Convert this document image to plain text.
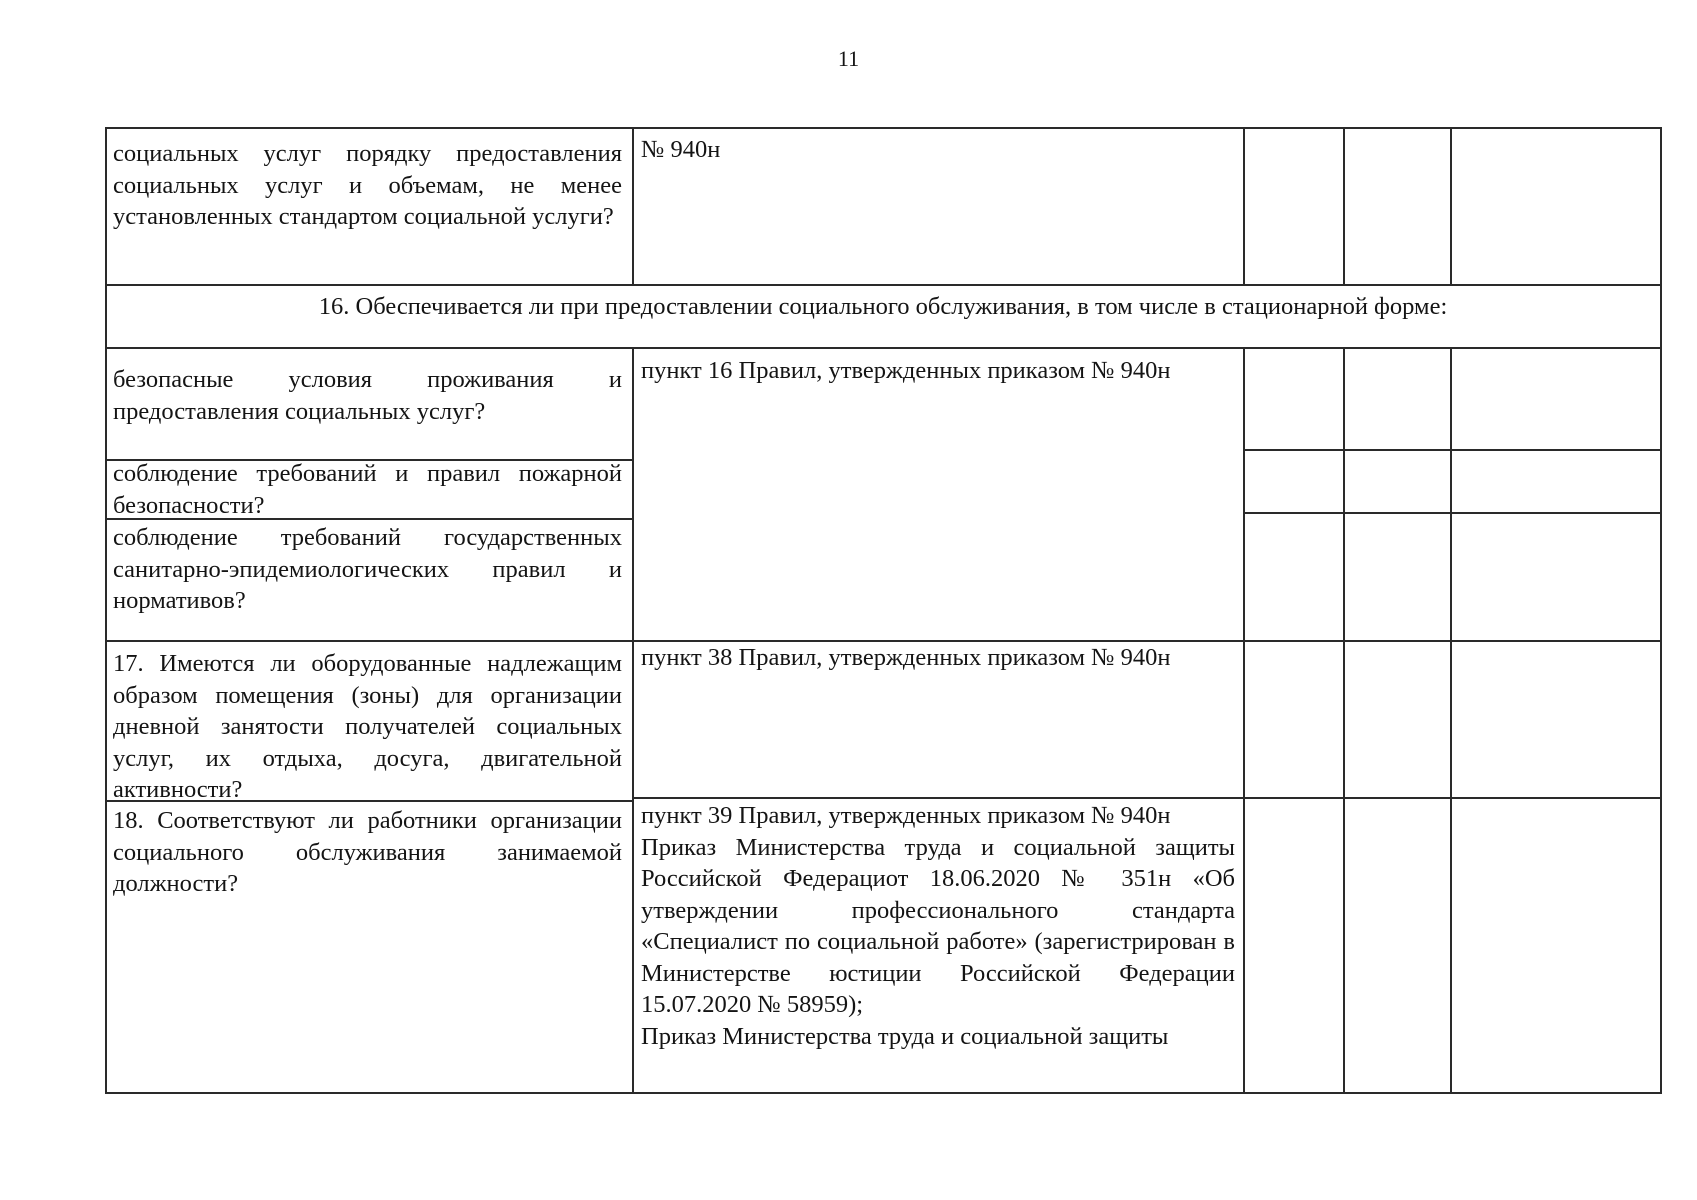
11
социальных услуг порядку предоставления социальных услуг и объемам, не менее установленных стандартом социальной услуги?
№ 940н
16. Обеспечивается ли при предоставлении социального обслуживания, в том числе в стационарной форме:
безопасные условия проживания и предоставления социальных услуг?
соблюдение требований и правил пожарной безопасности?
соблюдение требований государственных санитарно-эпидемиологических правил и нормативов?
пункт 16 Правил, утвержденных приказом № 940н
17. Имеются ли оборудованные надлежащим образом помещения (зоны) для организации дневной занятости получателей социальных услуг, их отдыха, досуга, двигательной активности?
пункт 38 Правил, утвержденных приказом № 940н
18. Соответствуют ли работники организации социального обслуживания занимаемой должности?
пункт 39 Правил, утвержденных приказом № 940н
Приказ Министерства труда и социальной защиты Российской Федерациот 18.06.2020 № 351н «Об утверждении профессионального стандарта «Специалист по социальной работе» (зарегистрирован в Министерстве юстиции Российской Федерации 15.07.2020 № 58959);
Приказ Министерства труда и социальной защиты
